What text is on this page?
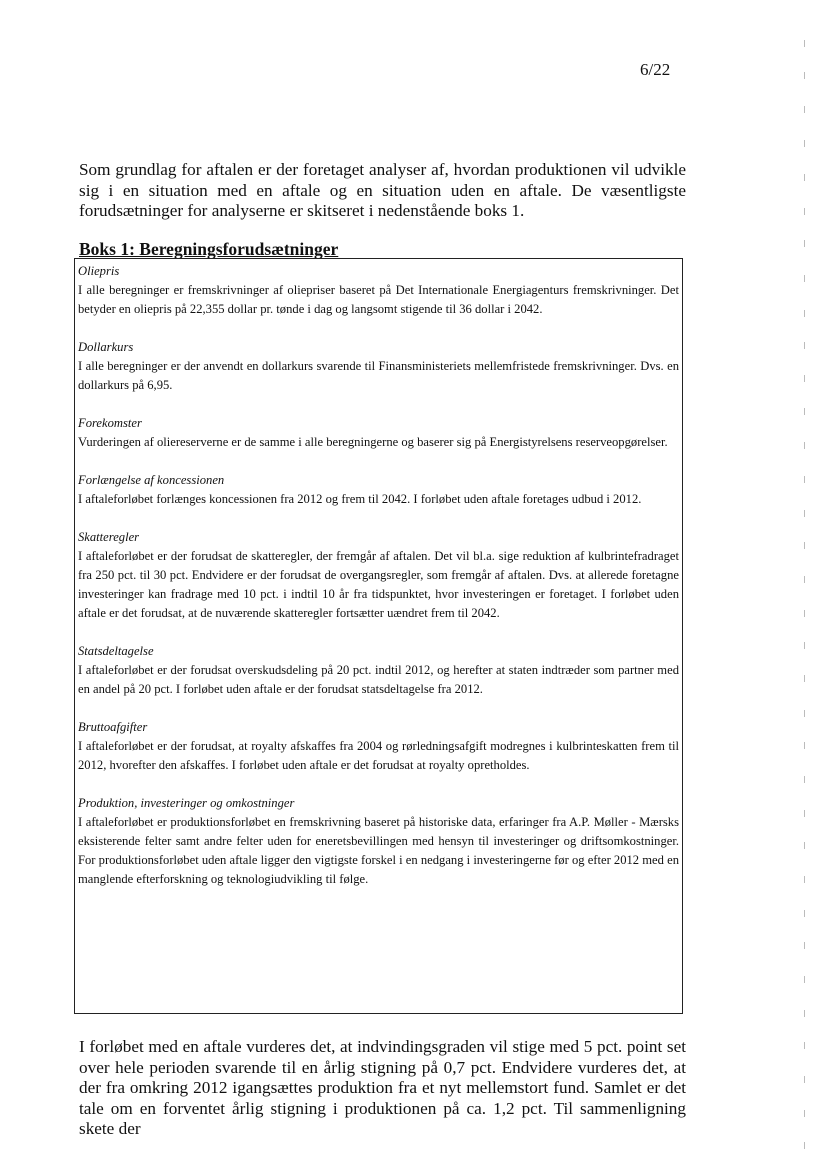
6/22

Som grundlag for aftalen er der foretaget analyser af, hvordan produktionen vil udvikle sig i en situation med en aftale og en situation uden en aftale. De væsentligste forudsætninger for analyserne er skitseret i nedenstående boks 1.

Boks 1: Beregningsforudsætninger

Oliepris

I alle beregninger er fremskrivninger af oliepriser baseret på Det Internationale Energiagenturs fremskrivninger. Det betyder en oliepris på 22,355 dollar pr. tønde i dag og langsomt stigende til 36 dollar i 2042.

Dollarkurs

I alle beregninger er der anvendt en dollarkurs svarende til Finansministeriets mellemfristede fremskrivninger. Dvs. en dollarkurs på 6,95.

Forekomster

Vurderingen af oliereserverne er de samme i alle beregningerne og baserer sig på Energistyrelsens reserveopgørelser.

Forlængelse af koncessionen

I aftaleforløbet forlænges koncessionen fra 2012 og frem til 2042. I forløbet uden aftale foretages udbud i 2012.

Skatteregler

I aftaleforløbet er der forudsat de skatteregler, der fremgår af aftalen. Det vil bl.a. sige reduktion af kulbrintefradraget fra 250 pct. til 30 pct. Endvidere er der forudsat de overgangsregler, som fremgår af aftalen. Dvs. at allerede foretagne investeringer kan fradrage med 10 pct. i indtil 10 år fra tidspunktet, hvor investeringen er foretaget. I forløbet uden aftale er det forudsat, at de nuværende skatteregler fortsætter uændret frem til 2042.

Statsdeltagelse

I aftaleforløbet er der forudsat overskudsdeling på 20 pct. indtil 2012, og herefter at staten indtræder som partner med en andel på 20 pct. I forløbet uden aftale er der forudsat statsdeltagelse fra 2012.

Bruttoafgifter

I aftaleforløbet er der forudsat, at royalty afskaffes fra 2004 og rørledningsafgift modregnes i kulbrinteskatten frem til 2012, hvorefter den afskaffes. I forløbet uden aftale er det forudsat at royalty opretholdes.

Produktion, investeringer og omkostninger

I aftaleforløbet er produktionsforløbet en fremskrivning baseret på historiske data, erfaringer fra A.P. Møller - Mærsks eksisterende felter samt andre felter uden for eneretsbevillingen med hensyn til investeringer og driftsomkostninger. For produktionsforløbet uden aftale ligger den vigtigste forskel i en nedgang i investeringerne før og efter 2012 med en manglende efterforskning og teknologiudvikling til følge.

I forløbet med en aftale vurderes det, at indvindingsgraden vil stige med 5 pct. point set over hele perioden svarende til en årlig stigning på 0,7 pct. Endvidere vurderes det, at der fra omkring 2012 igangsættes produktion fra et nyt mellemstort fund. Samlet er det tale om en forventet årlig stigning i produktionen på ca. 1,2 pct. Til sammenligning skete der
